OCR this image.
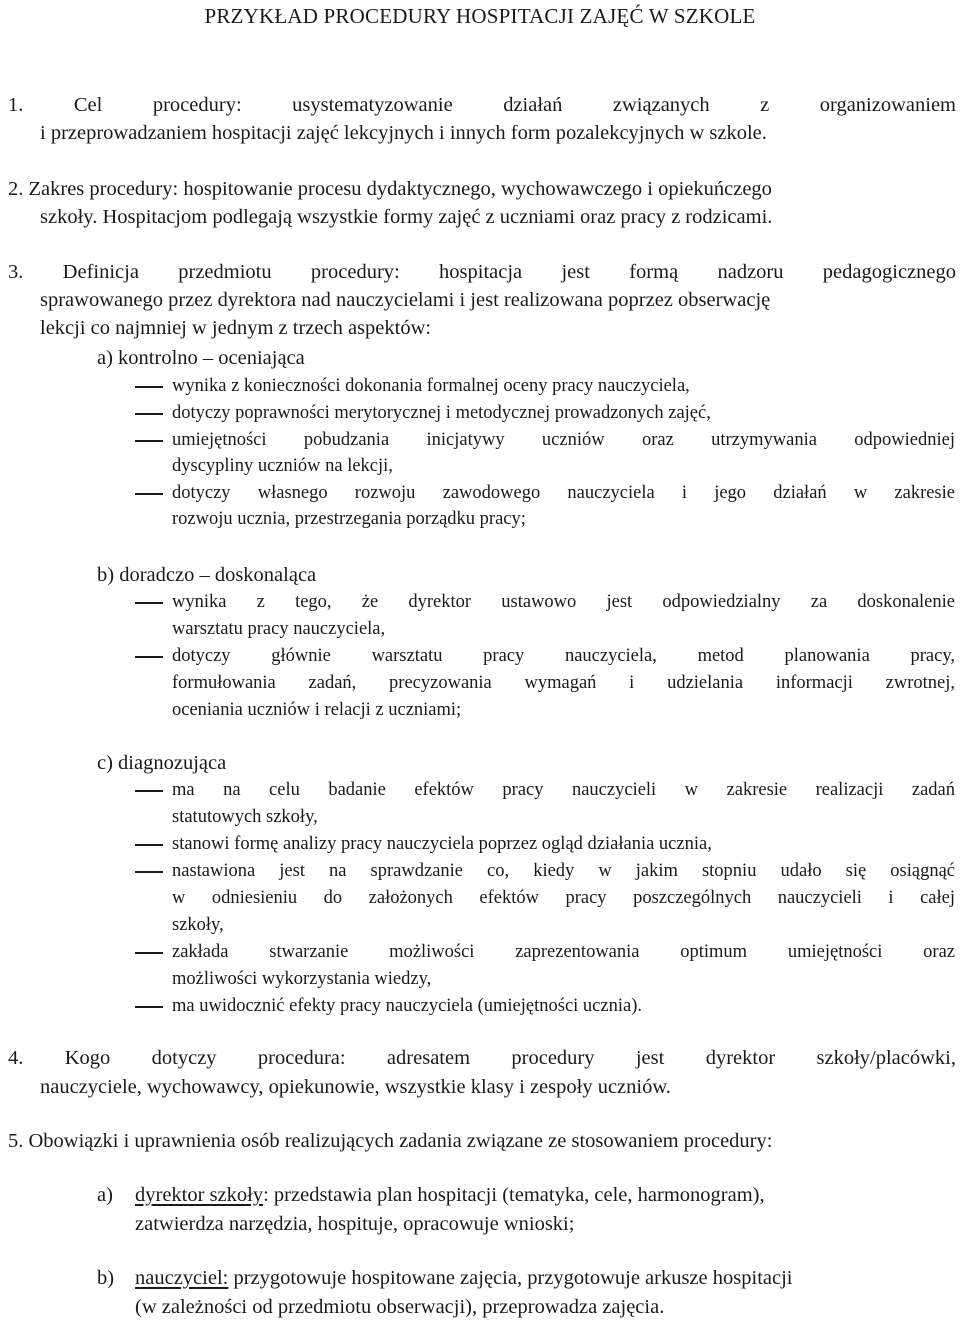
PRZYKŁAD PROCEDURY HOSPITACJI ZAJĘĆ W SZKOLE
1. Cel procedury: usystematyzowanie działań związanych z organizowaniem
i przeprowadzaniem hospitacji zajęć lekcyjnych i innych form pozalekcyjnych w szkole.
2. Zakres procedury: hospitowanie procesu dydaktycznego, wychowawczego i opiekuńczego
szkoły. Hospitacjom podlegają wszystkie formy zajęć z uczniami oraz pracy z rodzicami.
3. Definicja przedmiotu procedury: hospitacja jest formą nadzoru pedagogicznego
sprawowanego przez dyrektora nad nauczycielami i jest realizowana poprzez obserwację
lekcji co najmniej w jednym z trzech aspektów:
a) kontrolno – oceniająca
wynika z konieczności dokonania formalnej oceny pracy nauczyciela,
dotyczy poprawności merytorycznej i metodycznej prowadzonych zajęć,
umiejętności pobudzania inicjatywy uczniów oraz utrzymywania odpowiedniej
dyscypliny uczniów na lekcji,
dotyczy własnego rozwoju zawodowego nauczyciela i jego działań w zakresie
rozwoju ucznia, przestrzegania porządku pracy;
b) doradczo – doskonaląca
wynika z tego, że dyrektor ustawowo jest odpowiedzialny za doskonalenie
warsztatu pracy nauczyciela,
dotyczy głównie warsztatu pracy nauczyciela, metod planowania pracy,
formułowania zadań, precyzowania wymagań i udzielania informacji zwrotnej,
oceniania uczniów i relacji z uczniami;
c) diagnozująca
ma na celu badanie efektów pracy nauczycieli w zakresie realizacji zadań
statutowych szkoły,
stanowi formę analizy pracy nauczyciela poprzez ogląd działania ucznia,
nastawiona jest na sprawdzanie co, kiedy w jakim stopniu udało się osiągnąć
w odniesieniu do założonych efektów pracy poszczególnych nauczycieli i całej
szkoły,
zakłada stwarzanie możliwości zaprezentowania optimum umiejętności oraz
możliwości wykorzystania wiedzy,
ma uwidocznić efekty pracy nauczyciela (umiejętności ucznia).
4. Kogo dotyczy procedura: adresatem procedury jest dyrektor szkoły/placówki,
nauczyciele, wychowawcy, opiekunowie, wszystkie klasy i zespoły uczniów.
5. Obowiązki i uprawnienia osób realizujących zadania związane ze stosowaniem procedury:
a) dyrektor szkoły: przedstawia plan hospitacji (tematyka, cele, harmonogram),
zatwierdza narzędzia, hospituje, opracowuje wnioski;
b) nauczyciel: przygotowuje hospitowane zajęcia, przygotowuje arkusze hospitacji
(w zależności od przedmiotu obserwacji), przeprowadza zajęcia.
